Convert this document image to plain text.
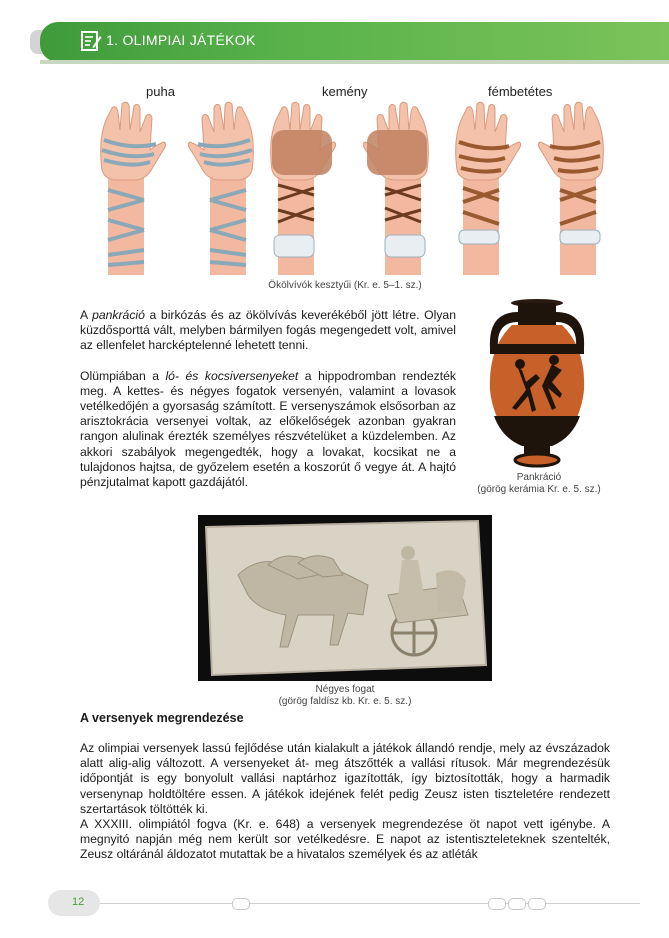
1. OLIMPIAI JÁTÉKOK
puha	kemény	fémbetétes
Ökölvívók kesztyűi (Kr. e. 5–1. sz.)

A pankráció a birkózás és az ökölvívás keverékéből jött létre. Olyan küzdősporttá vált, melyben bármilyen fogás megengedett volt, amivel az ellenfelet harcképtelenné lehetett tenni.

Olümpiában a ló- és kocsiversenyeket a hippodromban rendezték meg. A kettes- és négyes fogatok versenyén, valamint a lovasok vetélkedőjén a gyorsaság számított. E versenyszámok elsősorban az arisztokrácia versenyei voltak, az előkelőségek azonban gyakran rangon alulinak érezték személyes részvételüket a küzdelemben. Az akkori szabályok megengedték, hogy a lovakat, kocsikat ne a tulajdonos hajtsa, de győzelem esetén a koszorút ő vegye át. A hajtó pénzjutalmat kapott gazdájától.	Pankráció
(görög kerámia Kr. e. 5. sz.)
Négyes fogat
(görög faldísz kb. Kr. e. 5. sz.)
A versenyek megrendezése

Az olimpiai versenyek lassú fejlődése után kialakult a játékok állandó rendje, mely az évszázadok alatt alig-alig változott. A versenyeket át- meg átszőtték a vallási rítusok. Már megrendezésük időpontját is egy bonyolult vallási naptárhoz igazították, így biztosították, hogy a harmadik versenynap holdtöltére essen. A játékok idejének felét pedig Zeusz isten tiszteletére rendezett szertartások töltötték ki.

A XXXIII. olimpiától fogva (Kr. e. 648) a versenyek megrendezése öt napot vett igénybe. A megnyitó napján még nem került sor vetélkedésre. E napot az istentiszteleteknek szentelték, Zeusz oltáránál áldozatot mutattak be a hivatalos személyek és az atléták

12
